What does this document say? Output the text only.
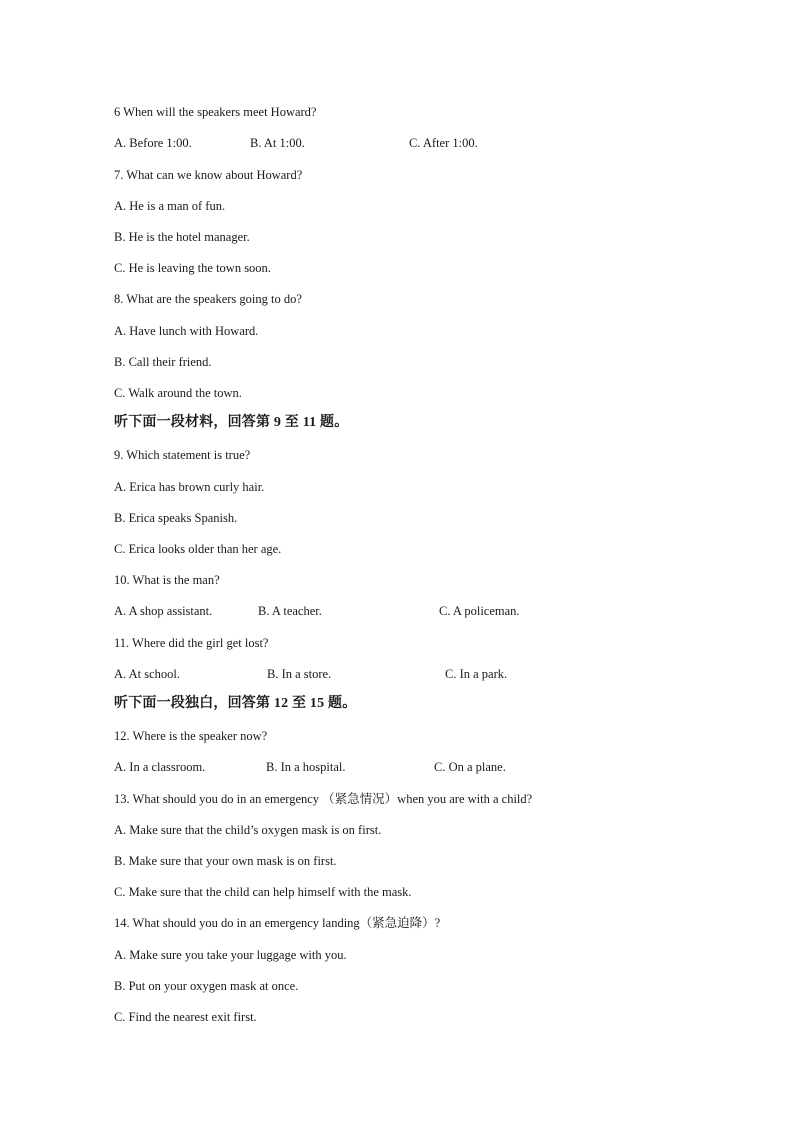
6 When will the speakers meet Howard?
A. Before 1:00.	B. At 1:00.	C. After 1:00.
7. What can we know about Howard?
A. He is a man of fun.
B. He is the hotel manager.
C. He is leaving the town soon.
8. What are the speakers going to do?
A. Have lunch with Howard.
B. Call their friend.
C. Walk around the town.
听下面一段材料，回答第 9 至 11 题。
9. Which statement is true?
A. Erica has brown curly hair.
B. Erica speaks Spanish.
C. Erica looks older than her age.
10. What is the man?
A. A shop assistant.	B. A teacher.	C. A policeman.
11. Where did the girl get lost?
A. At school.	B. In a store.	C. In a park.
听下面一段独白，回答第 12 至 15 题。
12. Where is the speaker now?
A. In a classroom.	B. In a hospital.	C. On a plane.
13. What should you do in an emergency （紧急情况）when you are with a child?
A. Make sure that the child’s oxygen mask is on first.
B. Make sure that your own mask is on first.
C. Make sure that the child can help himself with the mask.
14. What should you do in an emergency landing（紧急迫降）?
A. Make sure you take your luggage with you.
B. Put on your oxygen mask at once.
C. Find the nearest exit first.
